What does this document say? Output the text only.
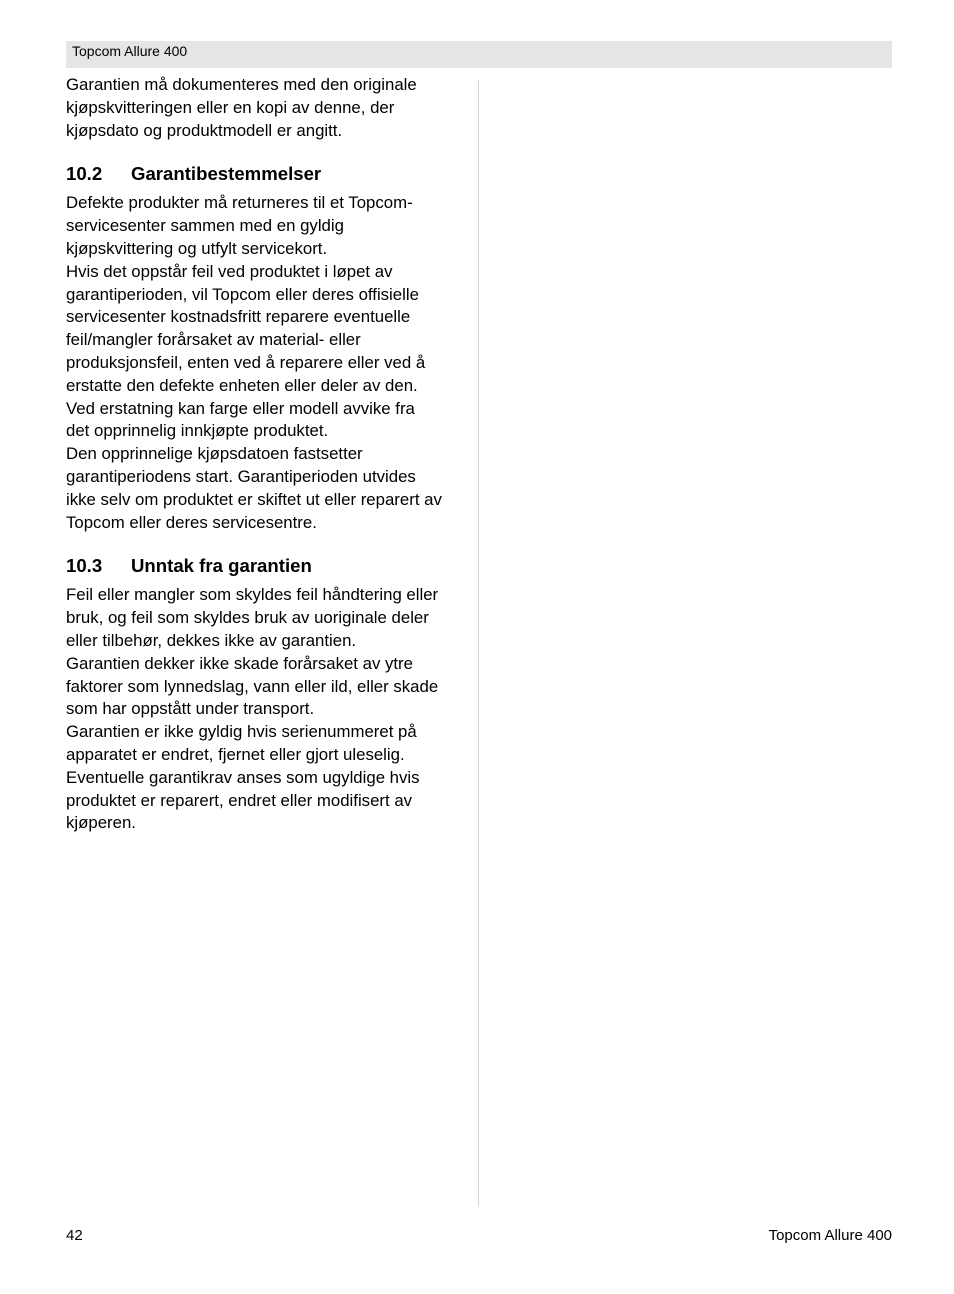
Topcom Allure 400
Garantien må dokumenteres med den originale
kjøpskvitteringen eller en kopi av denne, der
kjøpsdato og produktmodell er angitt.
10.2	Garantibestemmelser
Defekte produkter må returneres til et Topcom-
servicesenter sammen med en gyldig
kjøpskvittering og utfylt servicekort.
Hvis det oppstår feil ved produktet i løpet av
garantiperioden, vil Topcom eller deres offisielle
servicesenter kostnadsfritt reparere eventuelle
feil/mangler forårsaket av material- eller
produksjonsfeil, enten ved å reparere eller ved å
erstatte den defekte enheten eller deler av den.
Ved erstatning kan farge eller modell avvike fra
det opprinnelig innkjøpte produktet.
Den opprinnelige kjøpsdatoen fastsetter
garantiperiodens start. Garantiperioden utvides
ikke selv om produktet er skiftet ut eller reparert av
Topcom eller deres servicesentre.
10.3	Unntak fra garantien
Feil eller mangler som skyldes feil håndtering eller
bruk, og feil som skyldes bruk av uoriginale deler
eller tilbehør, dekkes ikke av garantien.
Garantien dekker ikke skade forårsaket av ytre
faktorer som lynnedslag, vann eller ild, eller skade
som har oppstått under transport.
Garantien er ikke gyldig hvis serienummeret på
apparatet er endret, fjernet eller gjort uleselig.
Eventuelle garantikrav anses som ugyldige hvis
produktet er reparert, endret eller modifisert av
kjøperen.
42	Topcom Allure 400
